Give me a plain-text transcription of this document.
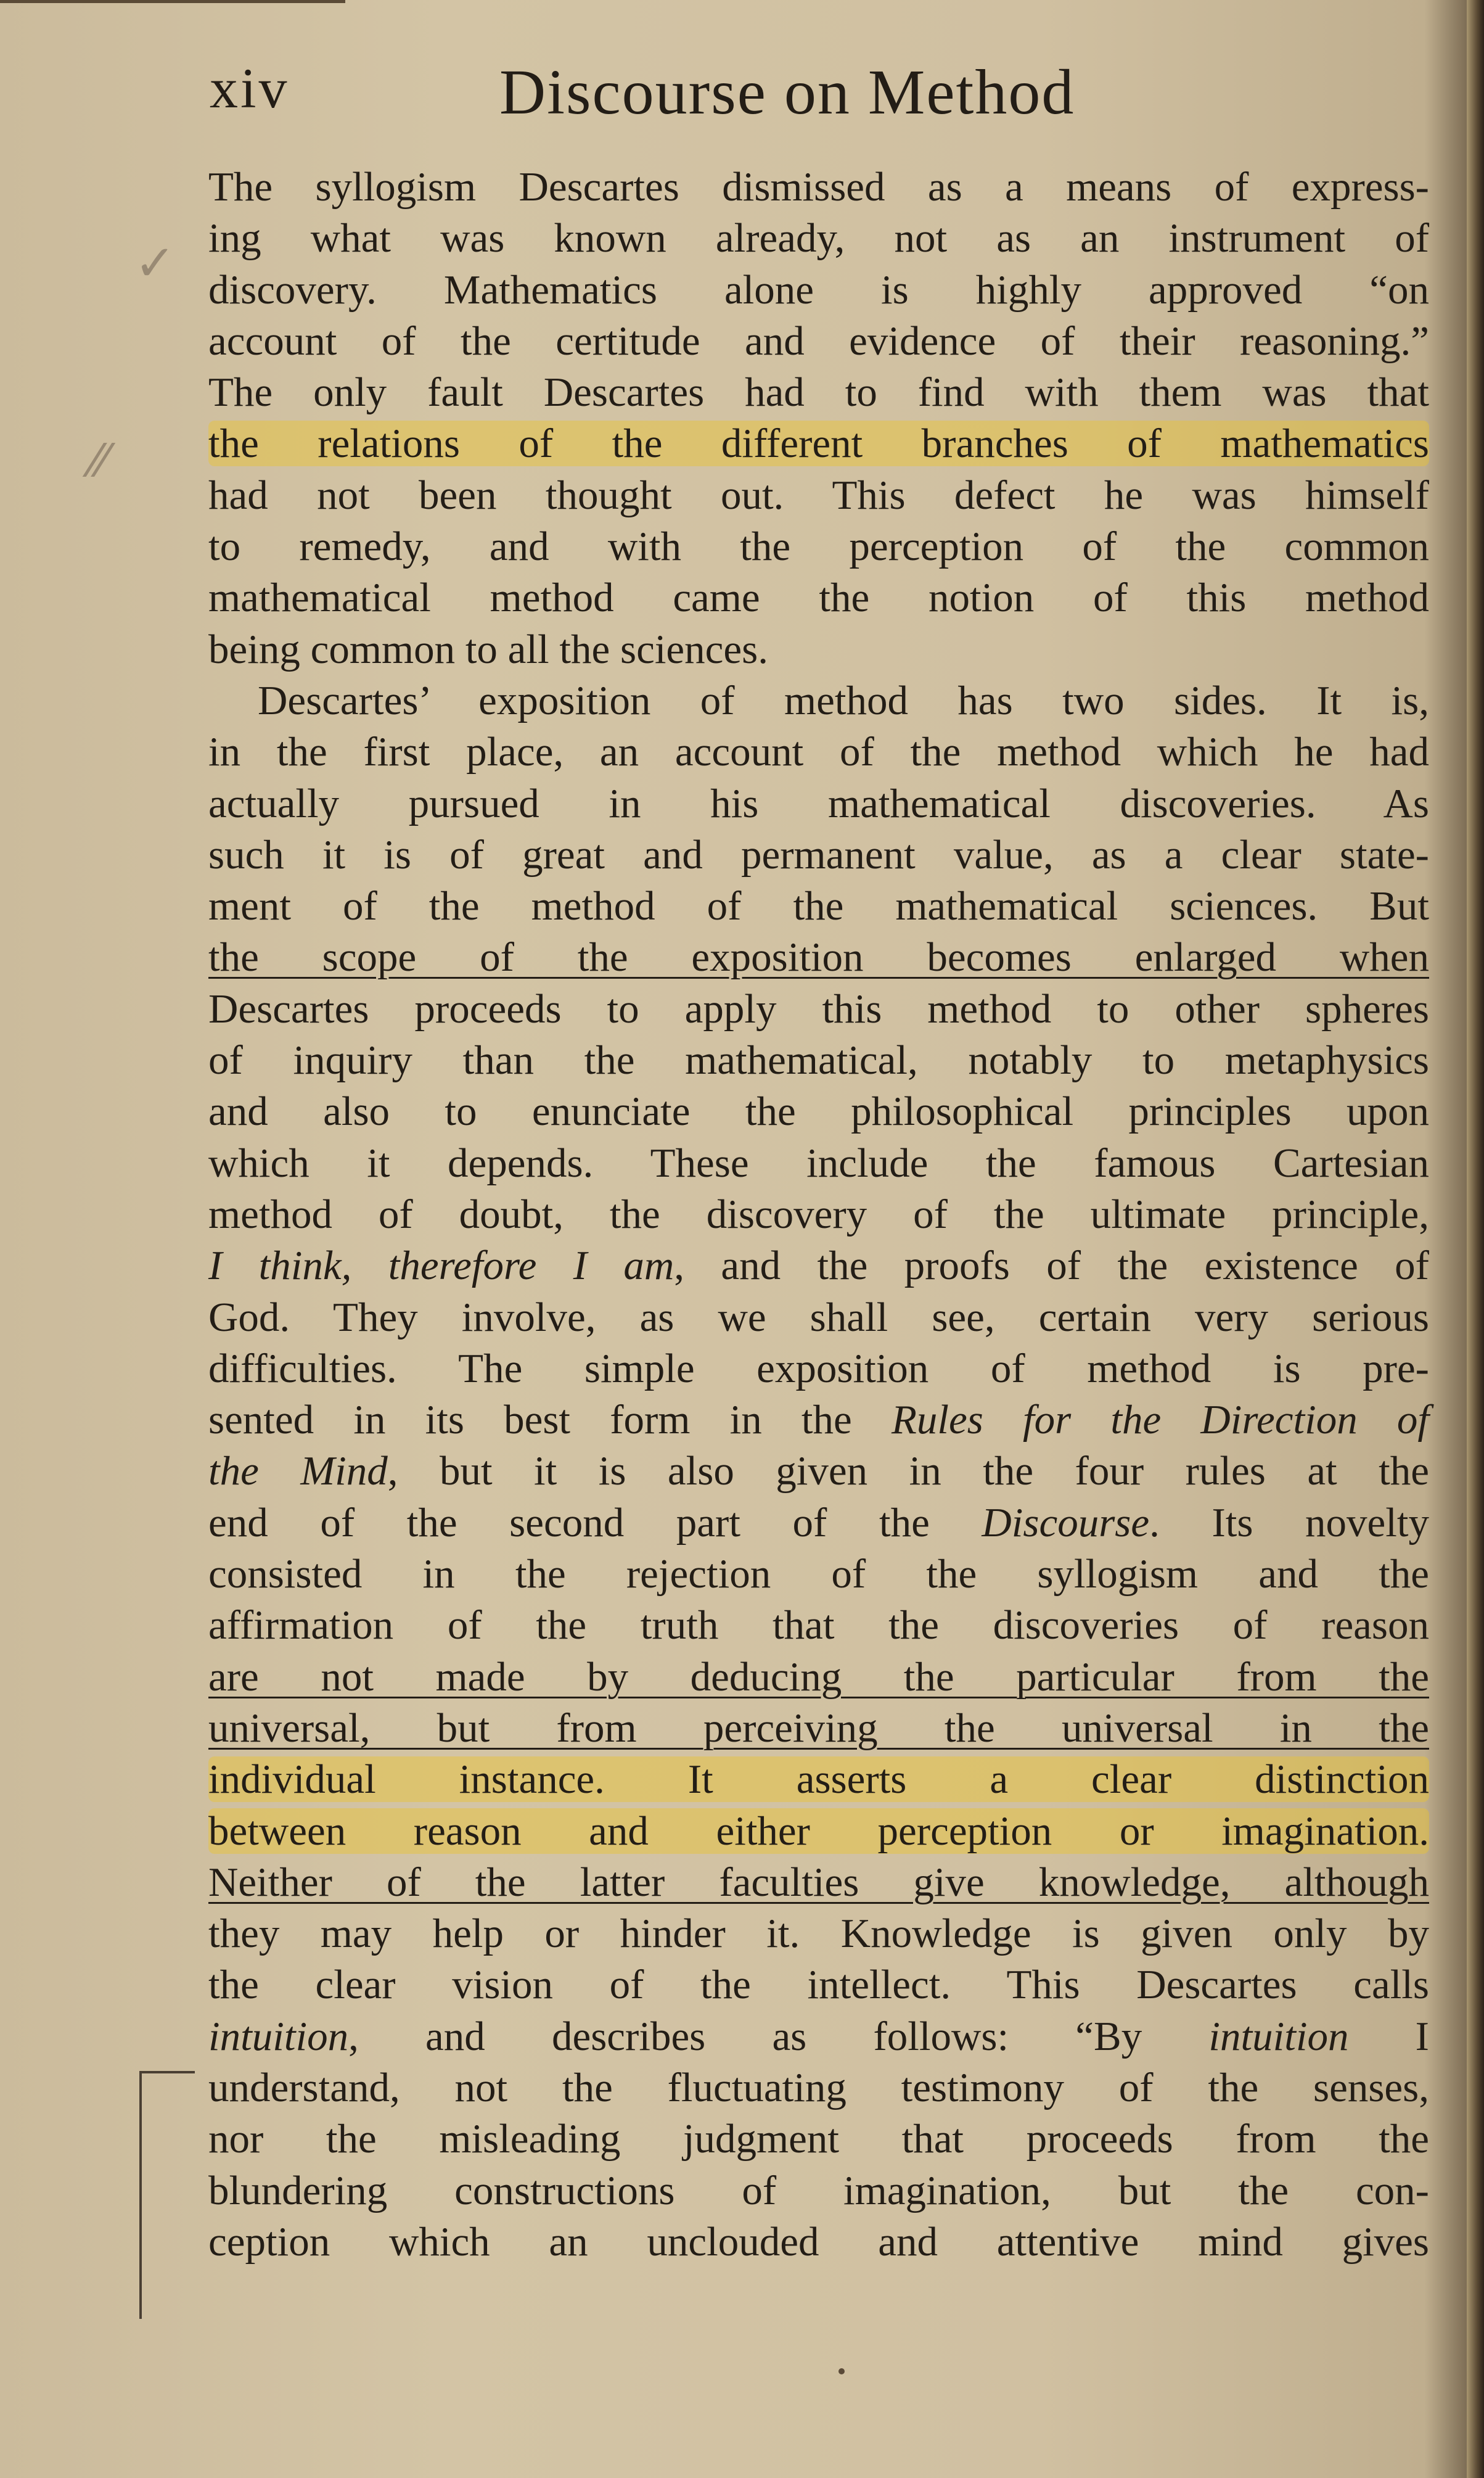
xiv	Discourse on Method
✓
⁄⁄
The syllogism Descartes dismissed as a means of express-
ing what was known already, not as an instrument of
discovery. Mathematics alone is highly approved “on
account of the certitude and evidence of their reasoning.”
The only fault Descartes had to find with them was that
the relations of the different branches of mathematics
had not been thought out. This defect he was himself
to remedy, and with the perception of the common
mathematical method came the notion of this method
being common to all the sciences.
Descartes’ exposition of method has two sides. It is,
in the first place, an account of the method which he had
actually pursued in his mathematical discoveries. As
such it is of great and permanent value, as a clear state-
ment of the method of the mathematical sciences. But
the scope of the exposition becomes enlarged when
Descartes proceeds to apply this method to other spheres
of inquiry than the mathematical, notably to metaphysics
and also to enunciate the philosophical principles upon
which it depends. These include the famous Cartesian
method of doubt, the discovery of the ultimate principle,
I think, therefore I am, and the proofs of the existence of
God. They involve, as we shall see, certain very serious
difficulties. The simple exposition of method is pre-
sented in its best form in the Rules for the Direction of
the Mind, but it is also given in the four rules at the
end of the second part of the Discourse. Its novelty
consisted in the rejection of the syllogism and the
affirmation of the truth that the discoveries of reason
are not made by deducing the particular from the
universal, but from perceiving the universal in the
individual instance. It asserts a clear distinction
between reason and either perception or imagination.
Neither of the latter faculties give knowledge, although
they may help or hinder it. Knowledge is given only by
the clear vision of the intellect. This Descartes calls
intuition, and describes as follows: “By intuition I
understand, not the fluctuating testimony of the senses,
nor the misleading judgment that proceeds from the
blundering constructions of imagination, but the con-
ception which an unclouded and attentive mind gives
